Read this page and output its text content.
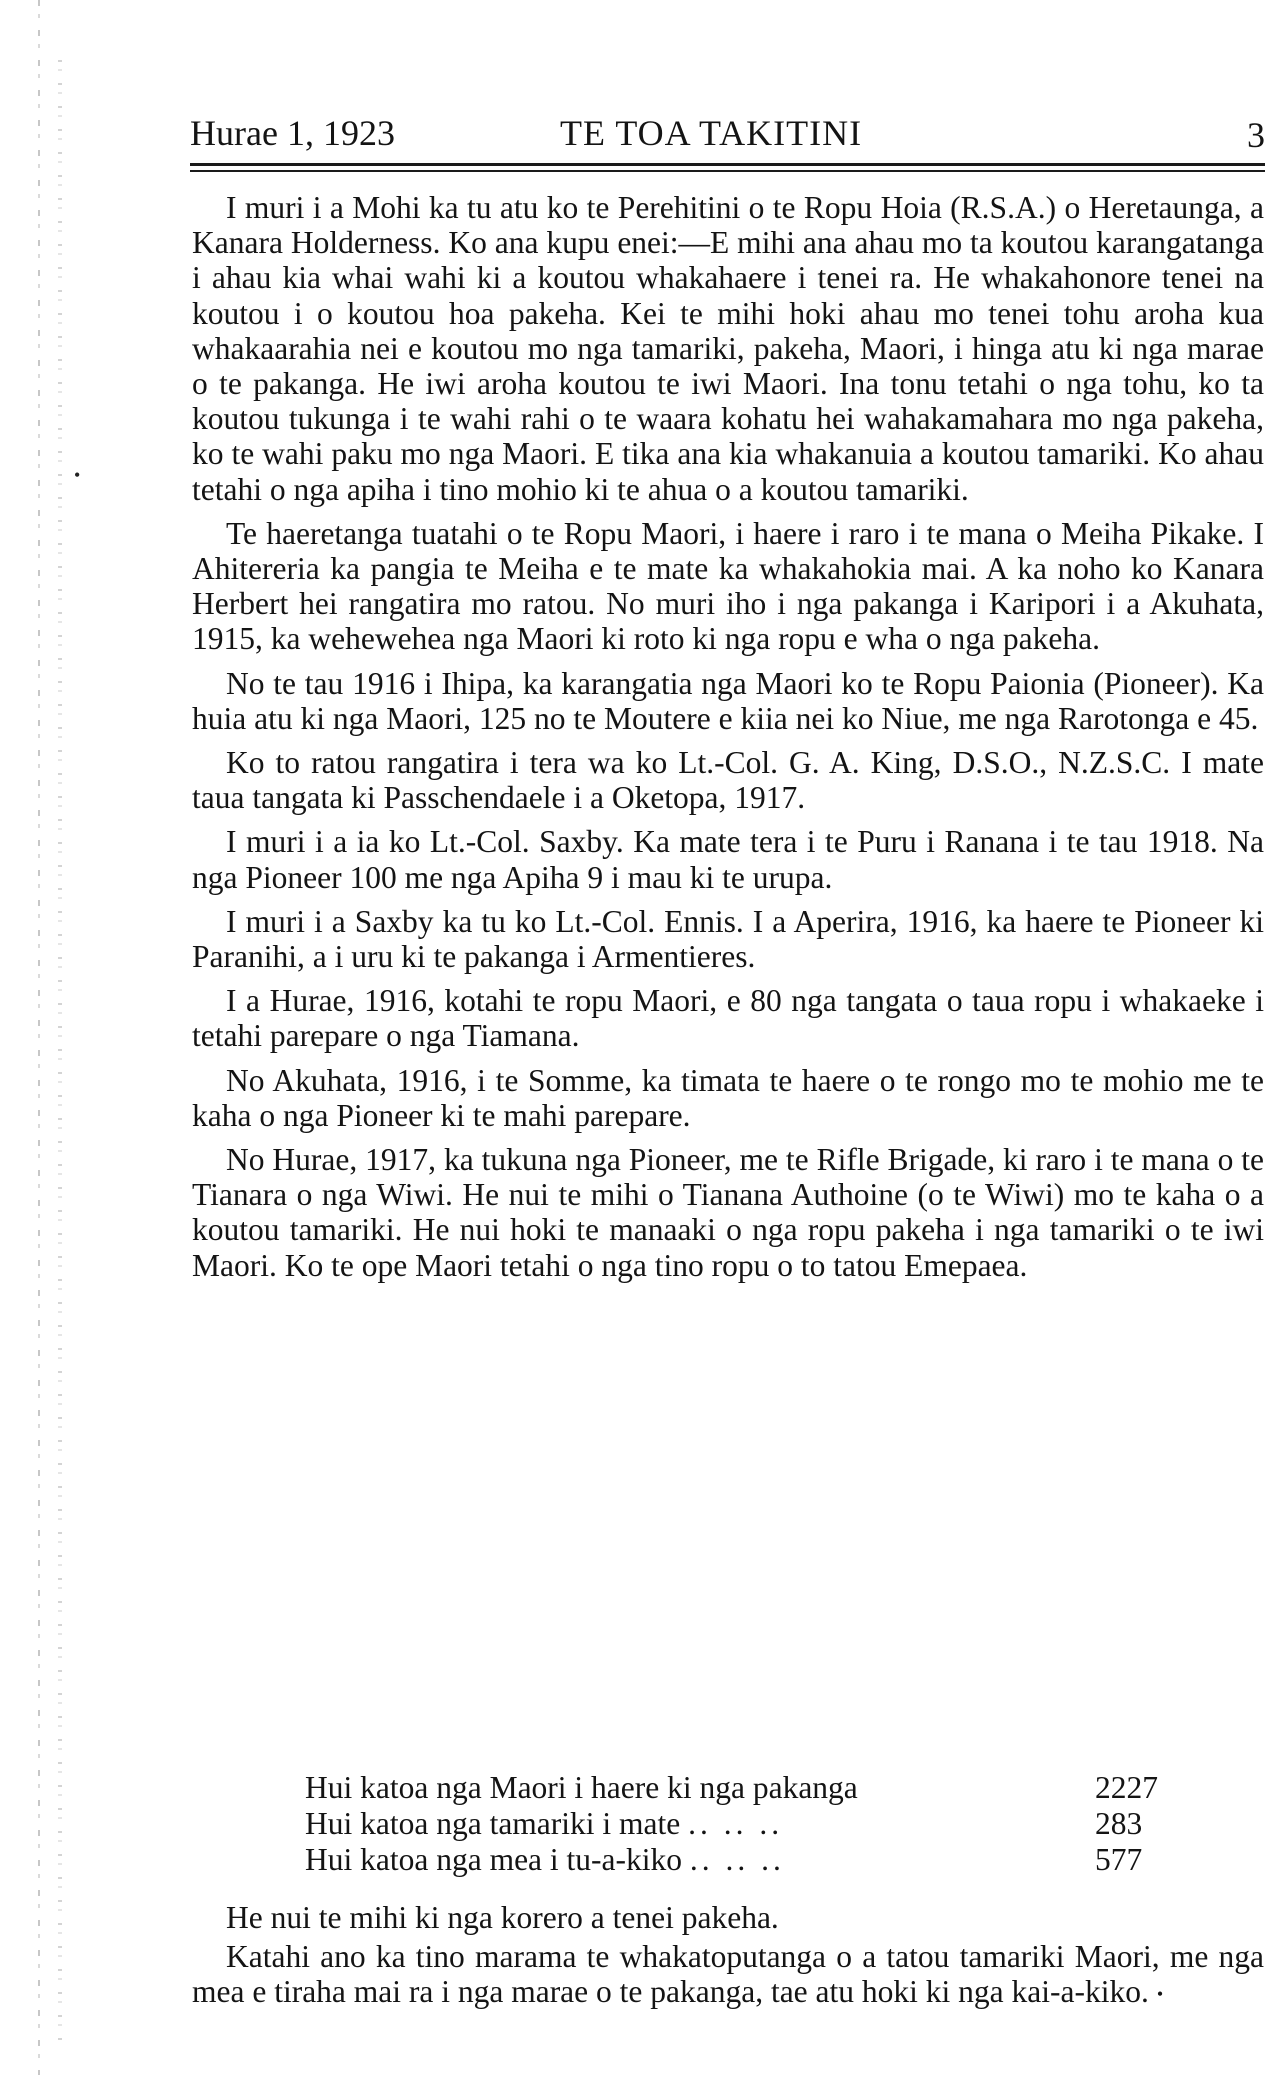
•
Hurae 1, 1923	TE TOA TAKITINI	3

I muri i a Mohi ka tu atu ko te Perehitini o te Ropu Hoia (R.S.A.) o Heretaunga, a Kanara Holderness. Ko ana kupu enei:—E mihi ana ahau mo ta koutou karangatanga i ahau kia whai wahi ki a koutou whakahaere i tenei ra. He whakahonore tenei na koutou i o koutou hoa pakeha. Kei te mihi hoki ahau mo tenei tohu aroha kua whakaarahia nei e koutou mo nga tamariki, pakeha, Maori, i hinga atu ki nga marae o te pakanga. He iwi aroha koutou te iwi Maori. Ina tonu tetahi o nga tohu, ko ta koutou tukunga i te wahi rahi o te waara kohatu hei wahakamahara mo nga pakeha, ko te wahi paku mo nga Maori. E tika ana kia whakanuia a koutou tamariki. Ko ahau tetahi o nga apiha i tino mohio ki te ahua o a koutou tamariki.

Te haeretanga tuatahi o te Ropu Maori, i haere i raro i te mana o Meiha Pikake. I Ahitereria ka pangia te Meiha e te mate ka whakahokia mai. A ka noho ko Kanara Herbert hei rangatira mo ratou. No muri iho i nga pakanga i Karipori i a Akuhata, 1915, ka wehewehea nga Maori ki roto ki nga ropu e wha o nga pakeha.

No te tau 1916 i Ihipa, ka karangatia nga Maori ko te Ropu Paionia (Pioneer). Ka huia atu ki nga Maori, 125 no te Moutere e kiia nei ko Niue, me nga Rarotonga e 45.

Ko to ratou rangatira i tera wa ko Lt.-Col. G. A. King, D.S.O., N.Z.S.C. I mate taua tangata ki Passchendaele i a Oketopa, 1917.

I muri i a ia ko Lt.-Col. Saxby. Ka mate tera i te Puru i Ranana i te tau 1918. Na nga Pioneer 100 me nga Apiha 9 i mau ki te urupa.

I muri i a Saxby ka tu ko Lt.-Col. Ennis. I a Aperira, 1916, ka haere te Pioneer ki Paranihi, a i uru ki te pakanga i Armentieres.

I a Hurae, 1916, kotahi te ropu Maori, e 80 nga tangata o taua ropu i whakaeke i tetahi parepare o nga Tiamana.

No Akuhata, 1916, i te Somme, ka timata te haere o te rongo mo te mohio me te kaha o nga Pioneer ki te mahi parepare.

No Hurae, 1917, ka tukuna nga Pioneer, me te Rifle Brigade, ki raro i te mana o te Tianara o nga Wiwi. He nui te mihi o Tianana Authoine (o te Wiwi) mo te kaha o a koutou tamariki. He nui hoki te manaaki o nga ropu pakeha i nga tamariki o te iwi Maori. Ko te ope Maori tetahi o nga tino ropu o to tatou Emepaea.

Hui katoa nga Maori i haere ki nga pakanga	2227
Hui katoa nga tamariki i mate .. .. ..	283
Hui katoa nga mea i tu-a-kiko .. .. ..	577

He nui te mihi ki nga korero a tenei pakeha.

Katahi ano ka tino marama te whakatoputanga o a tatou tamariki Maori, me nga mea e tiraha mai ra i nga marae o te pakanga, tae atu hoki ki nga kai-a-kiko. •
